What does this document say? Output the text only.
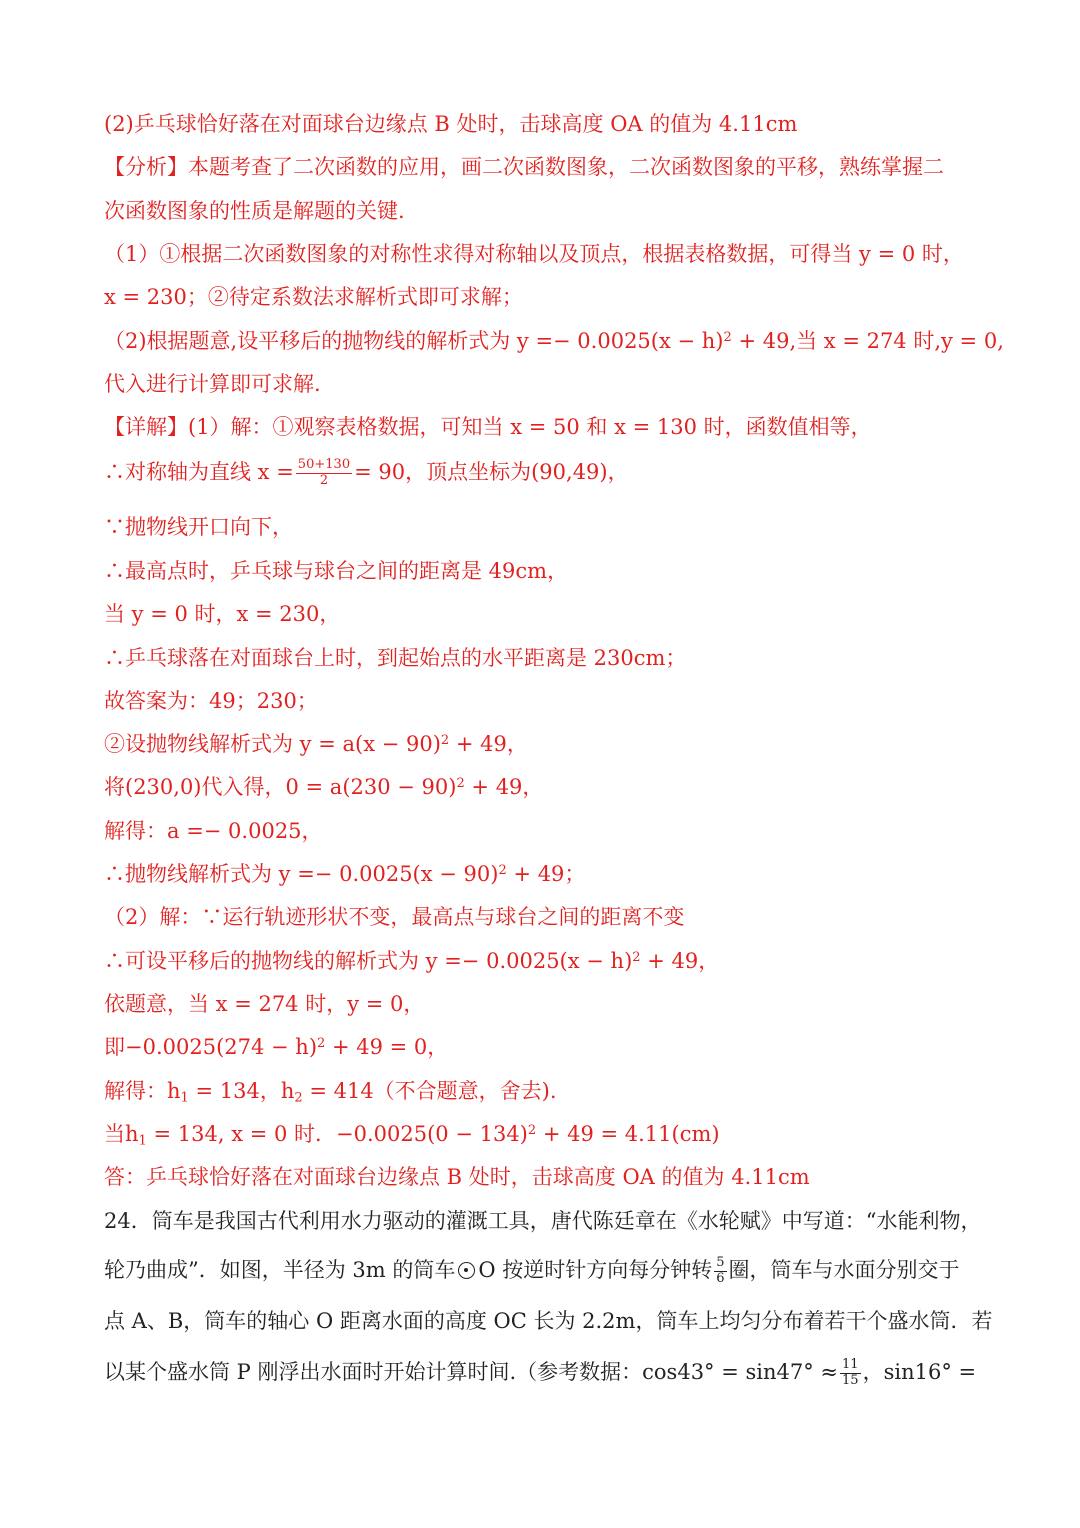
(2)乒乓球恰好落在对面球台边缘点 B 处时，击球高度 OA 的值为 4.11cm
【分析】本题考查了二次函数的应用，画二次函数图象，二次函数图象的平移，熟练掌握二
次函数图象的性质是解题的关键.
（1）①根据二次函数图象的对称性求得对称轴以及顶点，根据表格数据，可得当 y = 0 时，
x = 230；②待定系数法求解析式即可求解；
（2)根据题意,设平移后的抛物线的解析式为 $y =- 0.0025(x - h)^2 + 49$,当 x = 274 时,y = 0,
代入进行计算即可求解.
【详解】(1）解：①观察表格数据，可知当 x = 50 和 x = 130 时，函数值相等，
∴对称轴为直线 $x = \frac{50+130}{2} = 90$，顶点坐标为(90,49)，
∵抛物线开口向下，
∴最高点时，乒乓球与球台之间的距离是 49cm，
当 y = 0 时，x = 230，
∴乒乓球落在对面球台上时，到起始点的水平距离是 230cm；
故答案为：49；230；
②设抛物线解析式为 $y = a(x - 90)^2 + 49$，
将(230,0)代入得，$0 = a(230 - 90)^2 + 49$，
解得：a =− 0.0025，
∴抛物线解析式为 $y =- 0.0025(x - 90)^2 + 49$；
（2）解：∵运行轨迹形状不变，最高点与球台之间的距离不变
∴可设平移后的抛物线的解析式为 $y =- 0.0025(x - h)^2 + 49$，
依题意，当 x = 274 时，y = 0，
即$-0.0025(274 - h)^2 + 49 = 0$，
解得：$h_1 = 134$，$h_2 = 414$（不合题意，舍去).
当$h_1 = 134$, x = 0 时．$-0.0025(0 - 134)^2 + 49 = 4.11(cm)$
答：乒乓球恰好落在对面球台边缘点 B 处时，击球高度 OA 的值为 4.11cm
24．筒车是我国古代利用水力驱动的灌溉工具，唐代陈廷章在《水轮赋》中写道：“水能利物，
轮乃曲成”．如图，半径为 3m 的筒车 O 按逆时针方向每分钟转 $\frac{5}{6}$ 圈，筒车与水面分别交于
点 A、B，筒车的轴心 O 距离水面的高度 OC 长为 2.2m，筒车上均匀分布着若干个盛水筒．若
以某个盛水筒 P 刚浮出水面时开始计算时间.（参考数据：$\cos 43^\circ = \sin 47^\circ \approx \frac{11}{15}$ ，sin16° =
